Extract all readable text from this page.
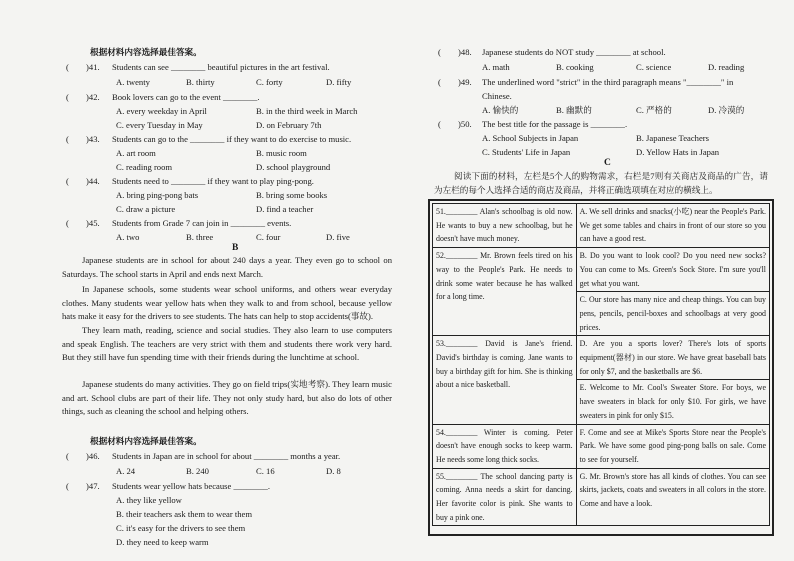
根据材料内容选择最佳答案。
(　　)41. Students can see ________ beautiful pictures in the art festival.
A. twenty	B. thirty	C. forty	D. fifty
(　　)42. Book lovers can go to the event ________.
A. every weekday in April	B. in the third week in March
C. every Tuesday in May	D. on February 7th
(　　)43. Students can go to the ________ if they want to do exercise to music.
A. art room	B. music room
C. reading room	D. school playground
(　　)44. Students need to ________ if they want to play ping-pong.
A. bring ping-pong bats	B. bring some books
C. draw a picture	D. find a teacher
(　　)45. Students from Grade 7 can join in ________ events.
A. two	B. three	C. four	D. five
B
Japanese students are in school for about 240 days a year. They even go to school on Saturdays. The school starts in April and ends next March.
In Japanese schools, some students wear school uniforms, and others wear everyday clothes. Many students wear yellow hats when they walk to and from school, because yellow hats make it easy for the drivers to see students. The hats can help to stop accidents(事故).
They learn math, reading, science and social studies. They also learn to use computers and speak English. The teachers are very strict with them and students there work very hard. But they still have fun spending time with their friends during the lunchtime at school.
Japanese students do many activities. They go on field trips(实地考察). They learn music and art. School clubs are part of their life. They not only study hard, but also do lots of other things, such as cleaning the school and helping others.
根据材料内容选择最佳答案。
(　　)46. Students in Japan are in school for about ________ months a year.
A. 24	B. 240	C. 16	D. 8
(　　)47. Students wear yellow hats because ________.
A. they like yellow
B. their teachers ask them to wear them
C. it's easy for the drivers to see them
D. they need to keep warm
(　　)48. Japanese students do NOT study ________ at school.
A. math	B. cooking	C. science	D. reading
(　　)49. The underlined word "strict" in the third paragraph means "________" in
Chinese.
A. 愉快的	B. 幽默的	C. 严格的	D. 冷漠的
(　　)50. The best title for the passage is ________.
A. School Subjects in Japan	B. Japanese Teachers
C. Students' Life in Japan	D. Yellow Hats in Japan
C
阅读下面的材料，左栏是5个人的购物需求，右栏是7则有关商店及商品的广告，请为左栏的每个人选择合适的商店及商品，并将正确选项填在对应的横线上。
51.________ Alan's schoolbag is old now. He wants to buy a new schoolbag, but he doesn't have much money.	A. We sell drinks and snacks(小吃) near the People's Park. We get some tables and chairs in front of our store so you can have a good rest.
52.________ Mr. Brown feels tired on his way to the People's Park. He needs to drink some water because he has walked for a long time.	B. Do you want to look cool? Do you need new socks? You can come to Ms. Green's Sock Store. I'm sure you'll get what you want.
	C. Our store has many nice and cheap things. You can buy pens, pencils, pencil-boxes and schoolbags at very good prices.
53.________ David is Jane's friend. David's birthday is coming. Jane wants to buy a birthday gift for him. She is thinking about a nice basketball.	D. Are you a sports lover? There's lots of sports equipment(器材) in our store. We have great baseball bats for only $7, and the basketballs are $6.
	E. Welcome to Mr. Cool's Sweater Store. For boys, we have sweaters in black for only $10. For girls, we have sweaters in pink for only $15.
54.________ Winter is coming. Peter doesn't have enough socks to keep warm. He needs some long thick socks.	F. Come and see at Mike's Sports Store near the People's Park. We have some good ping-pong balls on sale. Come to see for yourself.
55.________ The school dancing party is coming. Anna needs a skirt for dancing. Her favorite color is pink. She wants to buy a pink one.	G. Mr. Brown's store has all kinds of clothes. You can see skirts, jackets, coats and sweaters in all colors in the store. Come and have a look.
